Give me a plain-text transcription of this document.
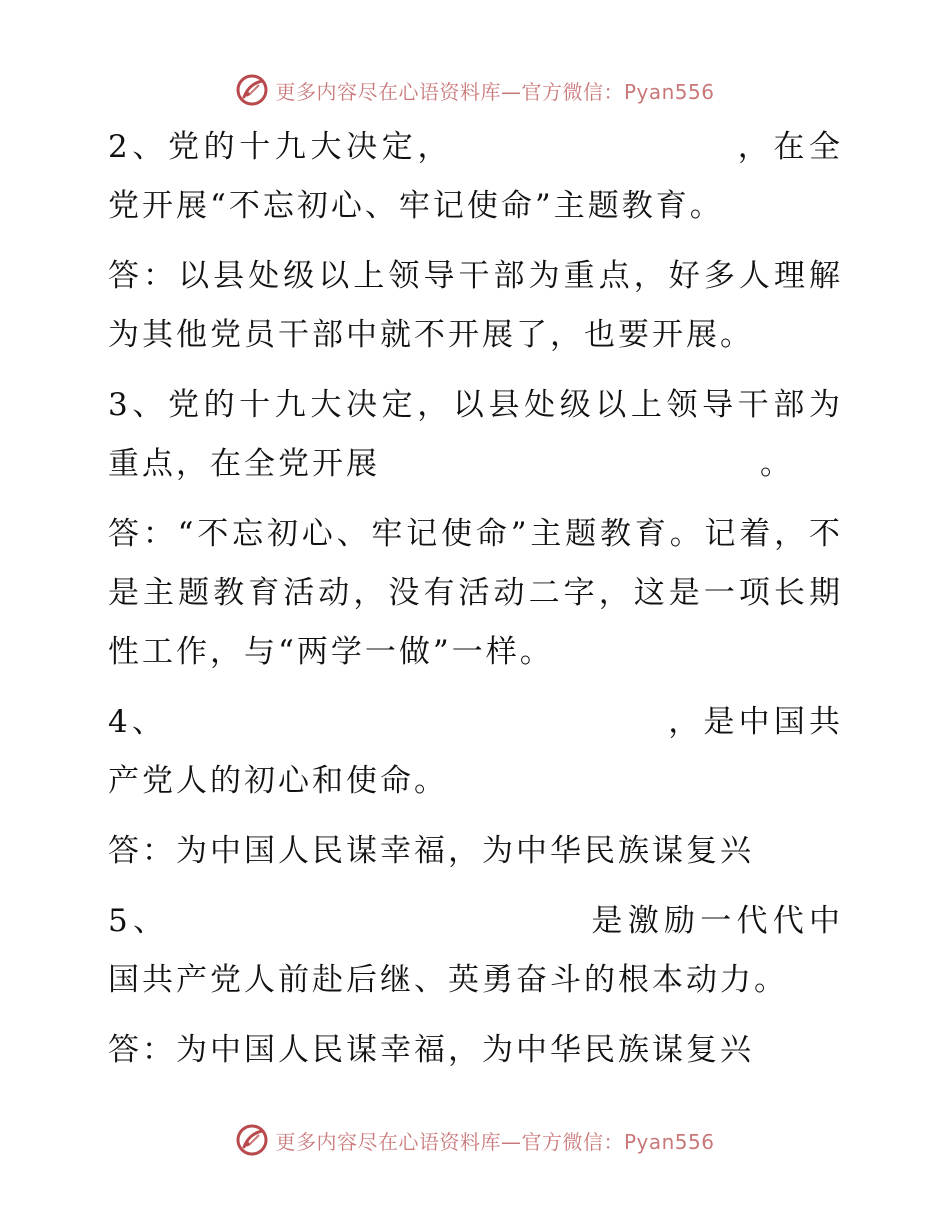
更多内容尽在心语资料库—官方微信：Pyan556

2、党的十九大决定，	，在全党开展“不忘初心、牢记使命”主题教育。

答：以县处级以上领导干部为重点，好多人理解为其他党员干部中就不开展了，也要开展。

3、党的十九大决定，以县处级以上领导干部为重点，在全党开展	。

答：“不忘初心、牢记使命”主题教育。记着，不是主题教育活动，没有活动二字，这是一项长期性工作，与“两学一做”一样。

4、	，是中国共产党人的初心和使命。

答：为中国人民谋幸福，为中华民族谋复兴

5、	是激励一代代中国共产党人前赴后继、英勇奋斗的根本动力。

答：为中国人民谋幸福，为中华民族谋复兴

更多内容尽在心语资料库—官方微信：Pyan556
